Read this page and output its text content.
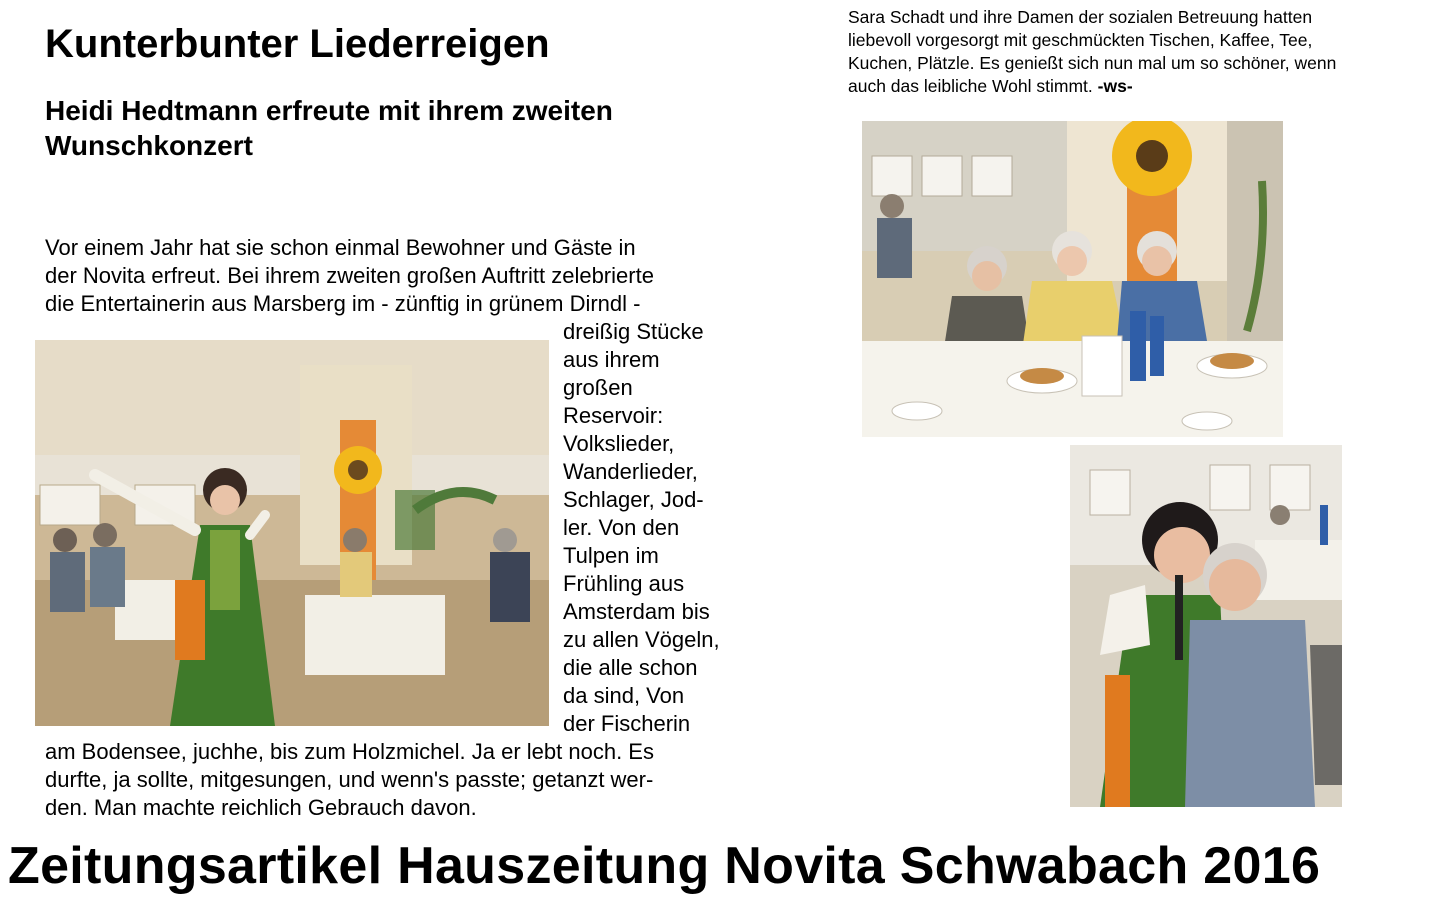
Kunterbunter Liederreigen
Heidi Hedtmann erfreute mit ihrem zweiten
Wunschkonzert
Vor einem Jahr hat sie schon einmal Bewohner und Gäste in
der Novita erfreut. Bei ihrem zweiten großen Auftritt zelebrierte
die Entertainerin aus Marsberg im - zünftig in grünem Dirndl -
dreißig Stücke
aus ihrem
großen
Reservoir:
Volkslieder,
Wanderlieder,
Schlager, Jod-
ler. Von den
Tulpen im
Frühling aus
Amsterdam bis
zu allen Vögeln,
die alle schon
da sind, Von
der Fischerin
am Bodensee, juchhe, bis zum Holzmichel. Ja er lebt noch. Es
durfte, ja sollte, mitgesungen, und wenn's passte; getanzt wer-
den. Man machte reichlich Gebrauch davon.
Sara Schadt und ihre Damen der sozialen Betreuung hatten
liebevoll vorgesorgt mit geschmückten Tischen, Kaffee, Tee,
Kuchen, Plätzle. Es genießt sich nun mal um so schöner, wenn
auch das leibliche Wohl stimmt. -ws-
Zeitungsartikel Hauszeitung Novita Schwabach 2016
